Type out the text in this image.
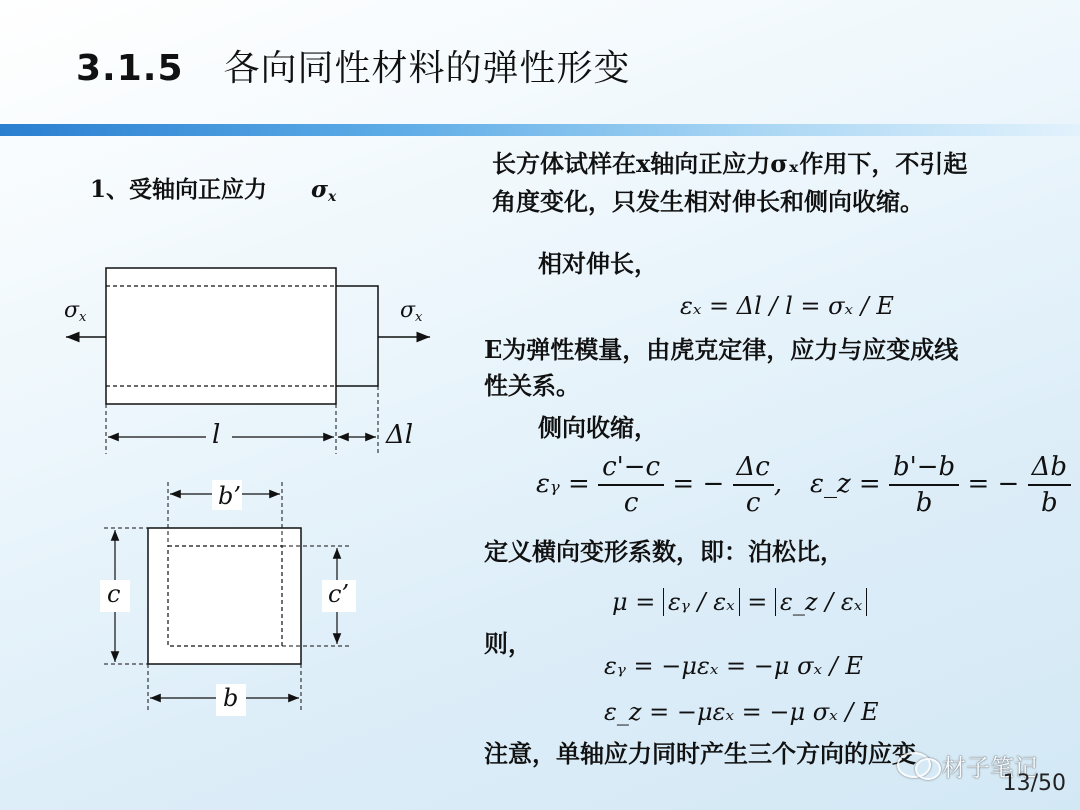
3.1.5 各向同性材料的弹性形变
1、受轴向正应力 σx
σx	σx
l	Δl
b’
c	c’
b
长方体试样在x轴向正应力σₓ作用下，不引起
角度变化，只发生相对伸长和侧向收缩。
相对伸长，
εₓ = Δl / l = σₓ / E
E为弹性模量，由虎克定律，应力与应变成线
性关系。
侧向收缩，
εᵧ = $\frac{c'-c}{c}$ = − $\frac{\Delta c}{c}$ , ε_z = $\frac{b'-b}{b}$ = − $\frac{\Delta b}{b}$
定义横向变形系数，即：泊松比，
μ = εᵧ / εₓ = ε_z / εₓ
则，
εᵧ = −μεₓ = −μ σₓ / E
ε_z = −μεₓ = −μ σₓ / E
注意，单轴应力同时产生三个方向的应变 材子笔记
13/50
